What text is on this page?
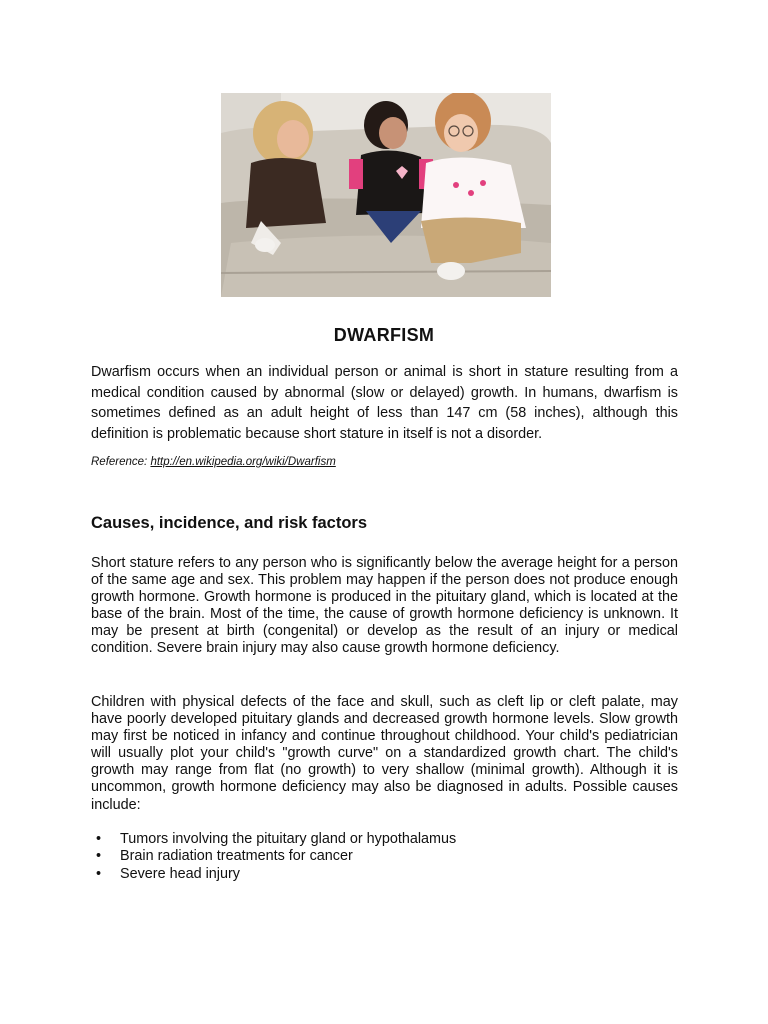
DWARFISM
Dwarfism occurs when an individual person or animal is short in stature resulting from a medical condition caused by abnormal (slow or delayed) growth. In humans, dwarfism is sometimes defined as an adult height of less than 147 cm (58 inches), although this definition is problematic because short stature in itself is not a disorder.
Reference: http://en.wikipedia.org/wiki/Dwarfism
Causes, incidence, and risk factors
Short stature refers to any person who is significantly below the average height for a person of the same age and sex. This problem may happen if the person does not produce enough growth hormone. Growth hormone is produced in the pituitary gland, which is located at the base of the brain. Most of the time, the cause of growth hormone deficiency is unknown. It may be present at birth (congenital) or develop as the result of an injury or medical condition. Severe brain injury may also cause growth hormone deficiency.
Children with physical defects of the face and skull, such as cleft lip or cleft palate, may have poorly developed pituitary glands and decreased growth hormone levels. Slow growth may first be noticed in infancy and continue throughout childhood. Your child's pediatrician will usually plot your child's "growth curve" on a standardized growth chart. The child's growth may range from flat (no growth) to very shallow (minimal growth). Although it is uncommon, growth hormone deficiency may also be diagnosed in adults. Possible causes include:
• Tumors involving the pituitary gland or hypothalamus
• Brain radiation treatments for cancer
• Severe head injury
